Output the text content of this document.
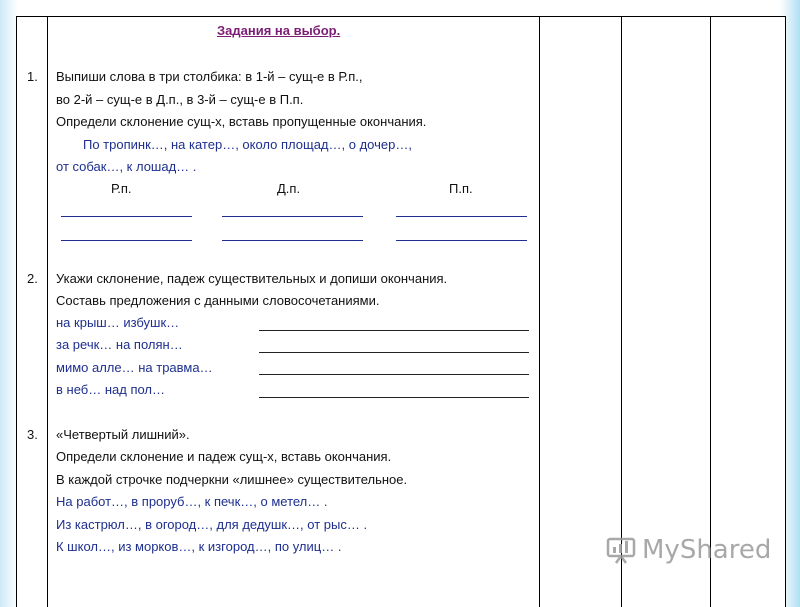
Задания на выбор.
1. Выпиши слова в три столбика: в 1-й – сущ-е в Р.п.,
во 2-й – сущ-е в Д.п., в 3-й – сущ-е в П.п.
Определи склонение сущ-х, вставь пропущенные окончания.
По тропинк…, на катер…, около площад…, о дочер…,
от собак…, к лошад… .
Р.п.	Д.п.	П.п.
2. Укажи склонение, падеж существительных и допиши окончания.
Составь предложения с данными словосочетаниями.
на крыш… избушк…
за речк… на полян…
мимо алле… на травма…
в неб… над пол…
3. «Четвертый лишний».
Определи склонение и падеж сущ-х, вставь окончания.
В каждой строчке подчеркни «лишнее» существительное.
На работ…, в проруб…, к печк…, о метел… .
Из кастрюл…, в огород…, для дедушк…, от рыс… .
К школ…, из морков…, к изгород…, по улиц… .	MyShared
